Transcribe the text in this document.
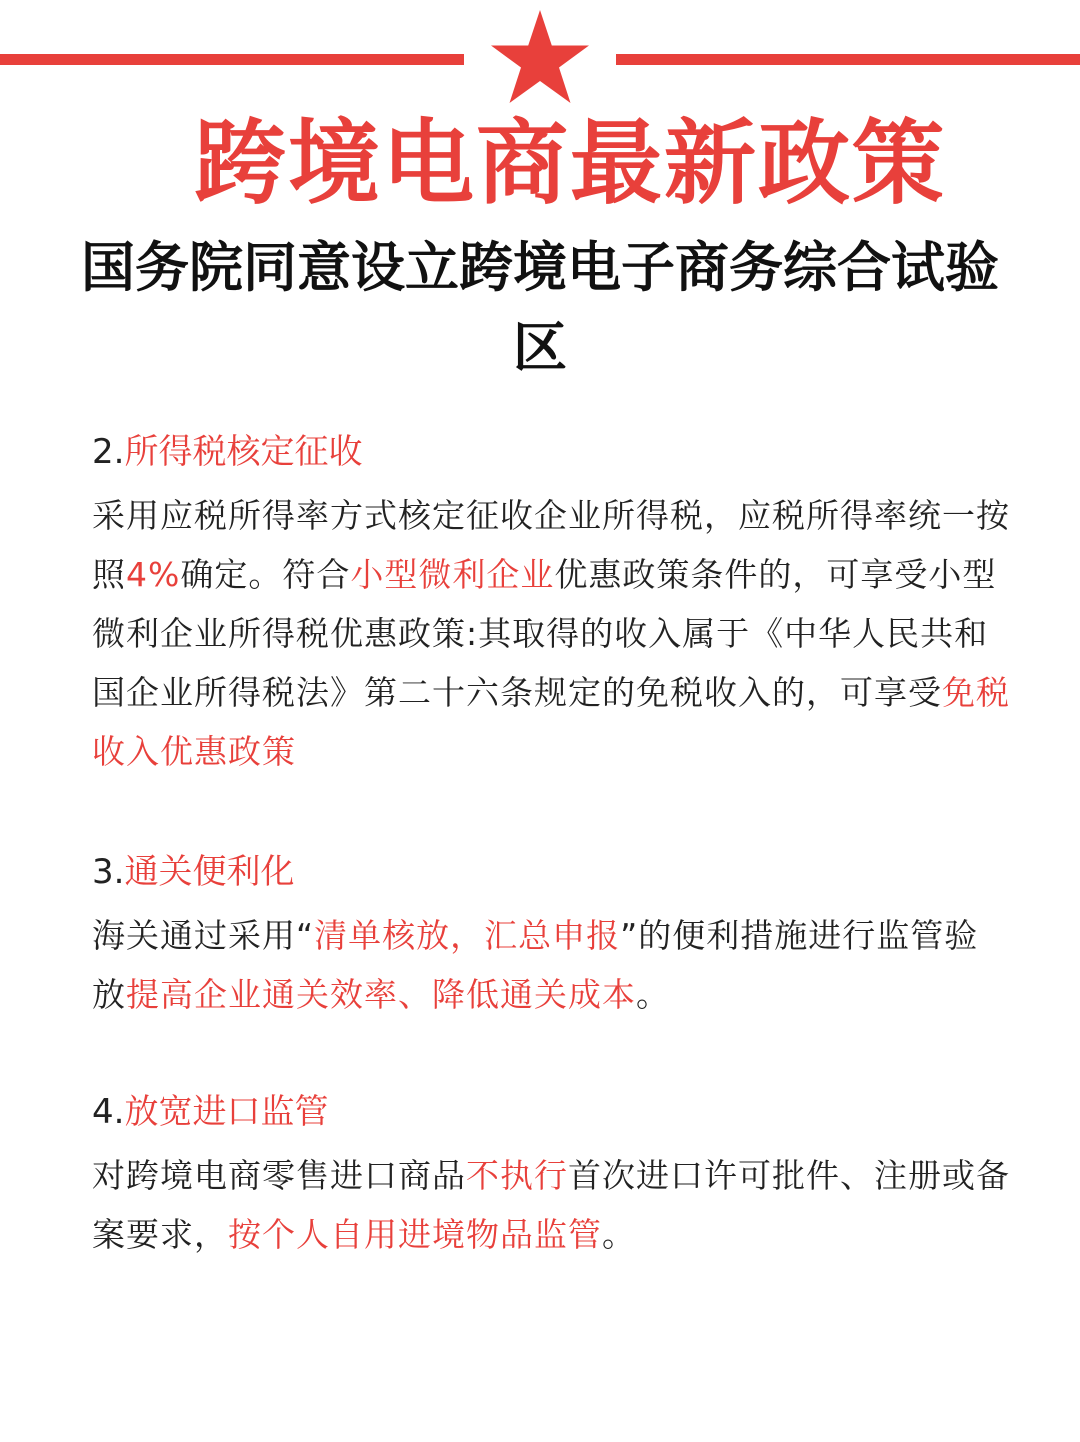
跨境电商最新政策
国务院同意设立跨境电子商务综合试验区

2.所得税核定征收

采用应税所得率方式核定征收企业所得税，应税所得率统一按照4%确定。符合小型微利企业优惠政策条件的，可享受小型微利企业所得税优惠政策:其取得的收入属于《中华人民共和国企业所得税法》第二十六条规定的免税收入的，可享受免税收入优惠政策

3.通关便利化

海关通过采用“清单核放，汇总申报”的便利措施进行监管验放提高企业通关效率、降低通关成本。

4.放宽进口监管

对跨境电商零售进口商品不执行首次进口许可批件、注册或备案要求，按个人自用进境物品监管。
